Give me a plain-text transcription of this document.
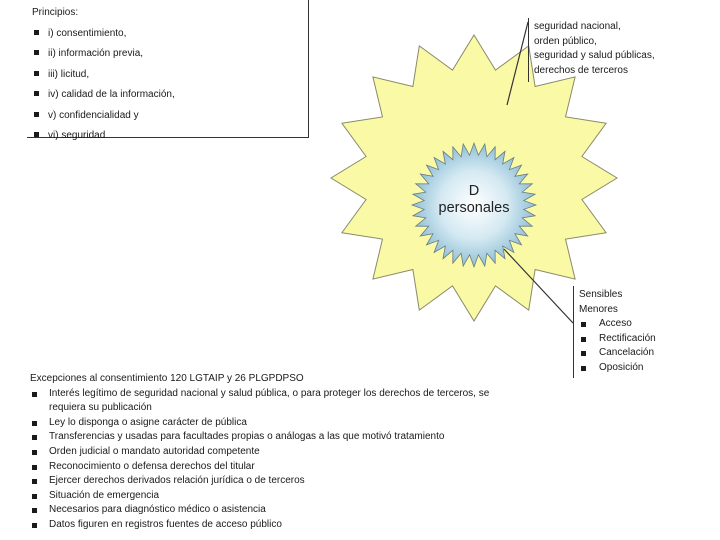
D
personales
Principios:
i) consentimiento,
ii) información previa,
iii) licitud,
iv) calidad de la información,
v) confidencialidad y
vi) seguridad
seguridad nacional,
orden público,
seguridad y salud públicas,
derechos de terceros
Sensibles
Menores
Acceso
Rectificación
Cancelación
Oposición
Excepciones al consentimiento 120 LGTAIP y 26 PLGPDPSO
Interés legítimo de seguridad nacional y salud pública, o para proteger los derechos de terceros, se requiera su publicación
Ley lo disponga o asigne carácter de pública
Transferencias y usadas para facultades propias o análogas a las que motivó tratamiento
Orden judicial o mandato autoridad competente
Reconocimiento o defensa derechos del titular
Ejercer derechos derivados relación jurídica o de terceros
Situación de emergencia
Necesarios para diagnóstico médico o asistencia
Datos figuren en registros fuentes de acceso público
